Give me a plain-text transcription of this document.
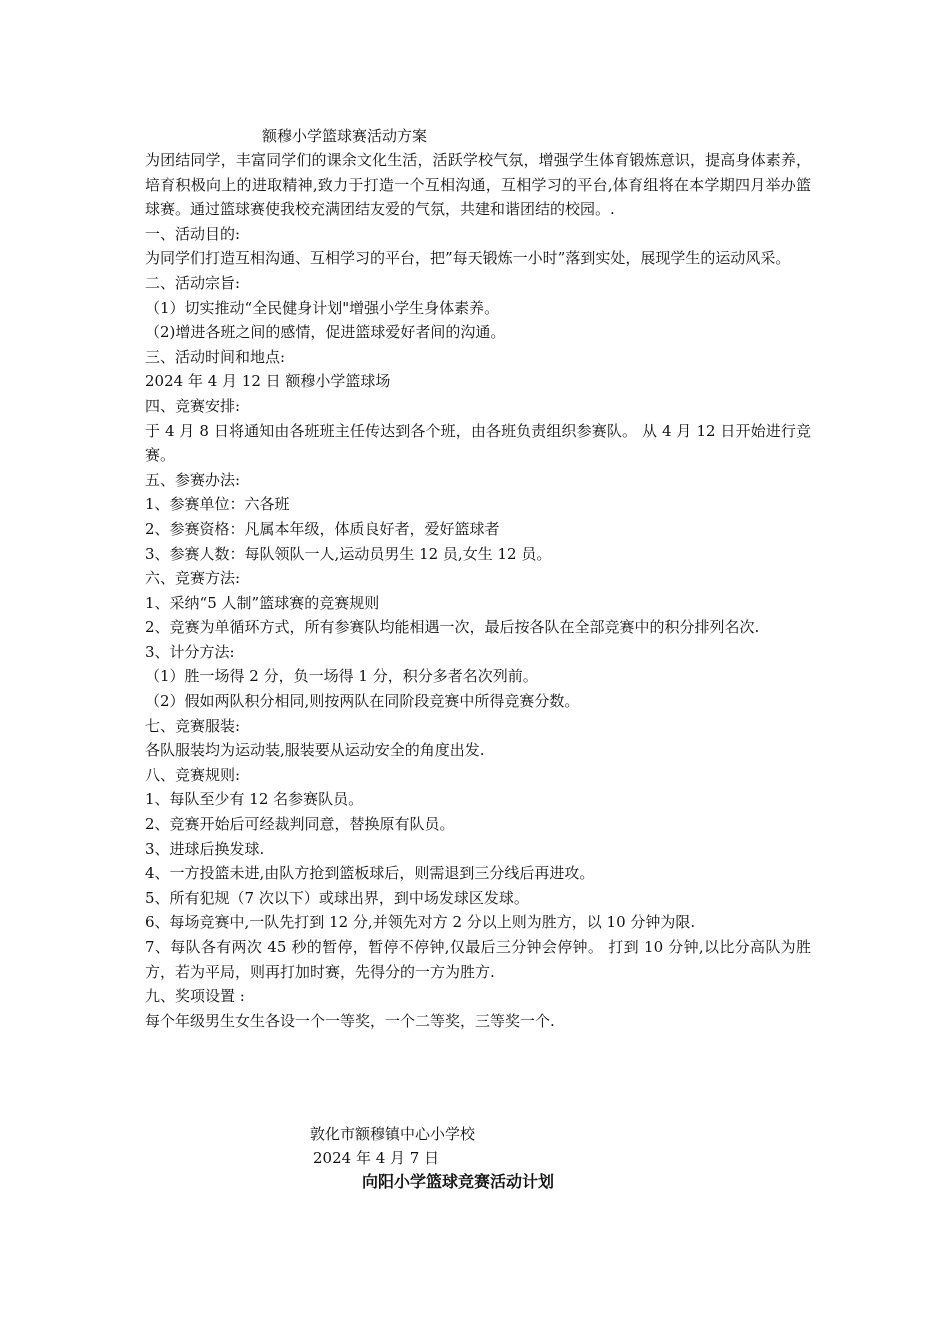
额穆小学篮球赛活动方案

为团结同学，丰富同学们的课余文化生活，活跃学校气氛，增强学生体育锻炼意识，提高身体素养，培育积极向上的进取精神,致力于打造一个互相沟通，互相学习的平台,体育组将在本学期四月举办篮球赛。通过篮球赛使我校充满团结友爱的气氛，共建和谐团结的校园。.

一、活动目的:

为同学们打造互相沟通、互相学习的平台，把”每天锻炼一小时”落到实处，展现学生的运动风采。

二、活动宗旨:

（1）切实推动“全民健身计划"增强小学生身体素养。

（2)增进各班之间的感情，促进篮球爱好者间的沟通。

三、活动时间和地点:

2024 年 4 月 12 日 额穆小学篮球场

四、竞赛安排:

于 4 月 8 日将通知由各班班主任传达到各个班，由各班负责组织参赛队。 从 4 月 12 日开始进行竞赛。

五、参赛办法:

1、参赛单位：六各班

2、参赛资格：凡属本年级，体质良好者，爱好篮球者

3、参赛人数：每队领队一人,运动员男生 12 员,女生 12 员。

六、竞赛方法:

1、采纳“5 人制”篮球赛的竞赛规则

2、竞赛为单循环方式，所有参赛队均能相遇一次，最后按各队在全部竞赛中的积分排列名次.

3、计分方法:

（1）胜一场得 2 分，负一场得 1 分，积分多者名次列前。

（2）假如两队积分相同,则按两队在同阶段竞赛中所得竞赛分数。

七、竞赛服装:

各队服装均为运动装,服装要从运动安全的角度出发.

八、竞赛规则:

1、每队至少有 12 名参赛队员。

2、竞赛开始后可经裁判同意，替换原有队员。

3、进球后换发球.

4、一方投篮未进,由队方抢到篮板球后，则需退到三分线后再进攻。

5、所有犯规（7 次以下）或球出界，到中场发球区发球。

6、每场竞赛中,一队先打到 12 分,并领先对方 2 分以上则为胜方，以 10 分钟为限.

7、每队各有两次 45 秒的暂停，暂停不停钟,仅最后三分钟会停钟。 打到 10 分钟,以比分高队为胜方，若为平局，则再打加时赛，先得分的一方为胜方.

九、奖项设置 :

每个年级男生女生各设一个一等奖，一个二等奖，三等奖一个.

敦化市额穆镇中心小学校
2024 年 4 月 7 日
向阳小学篮球竞赛活动计划
